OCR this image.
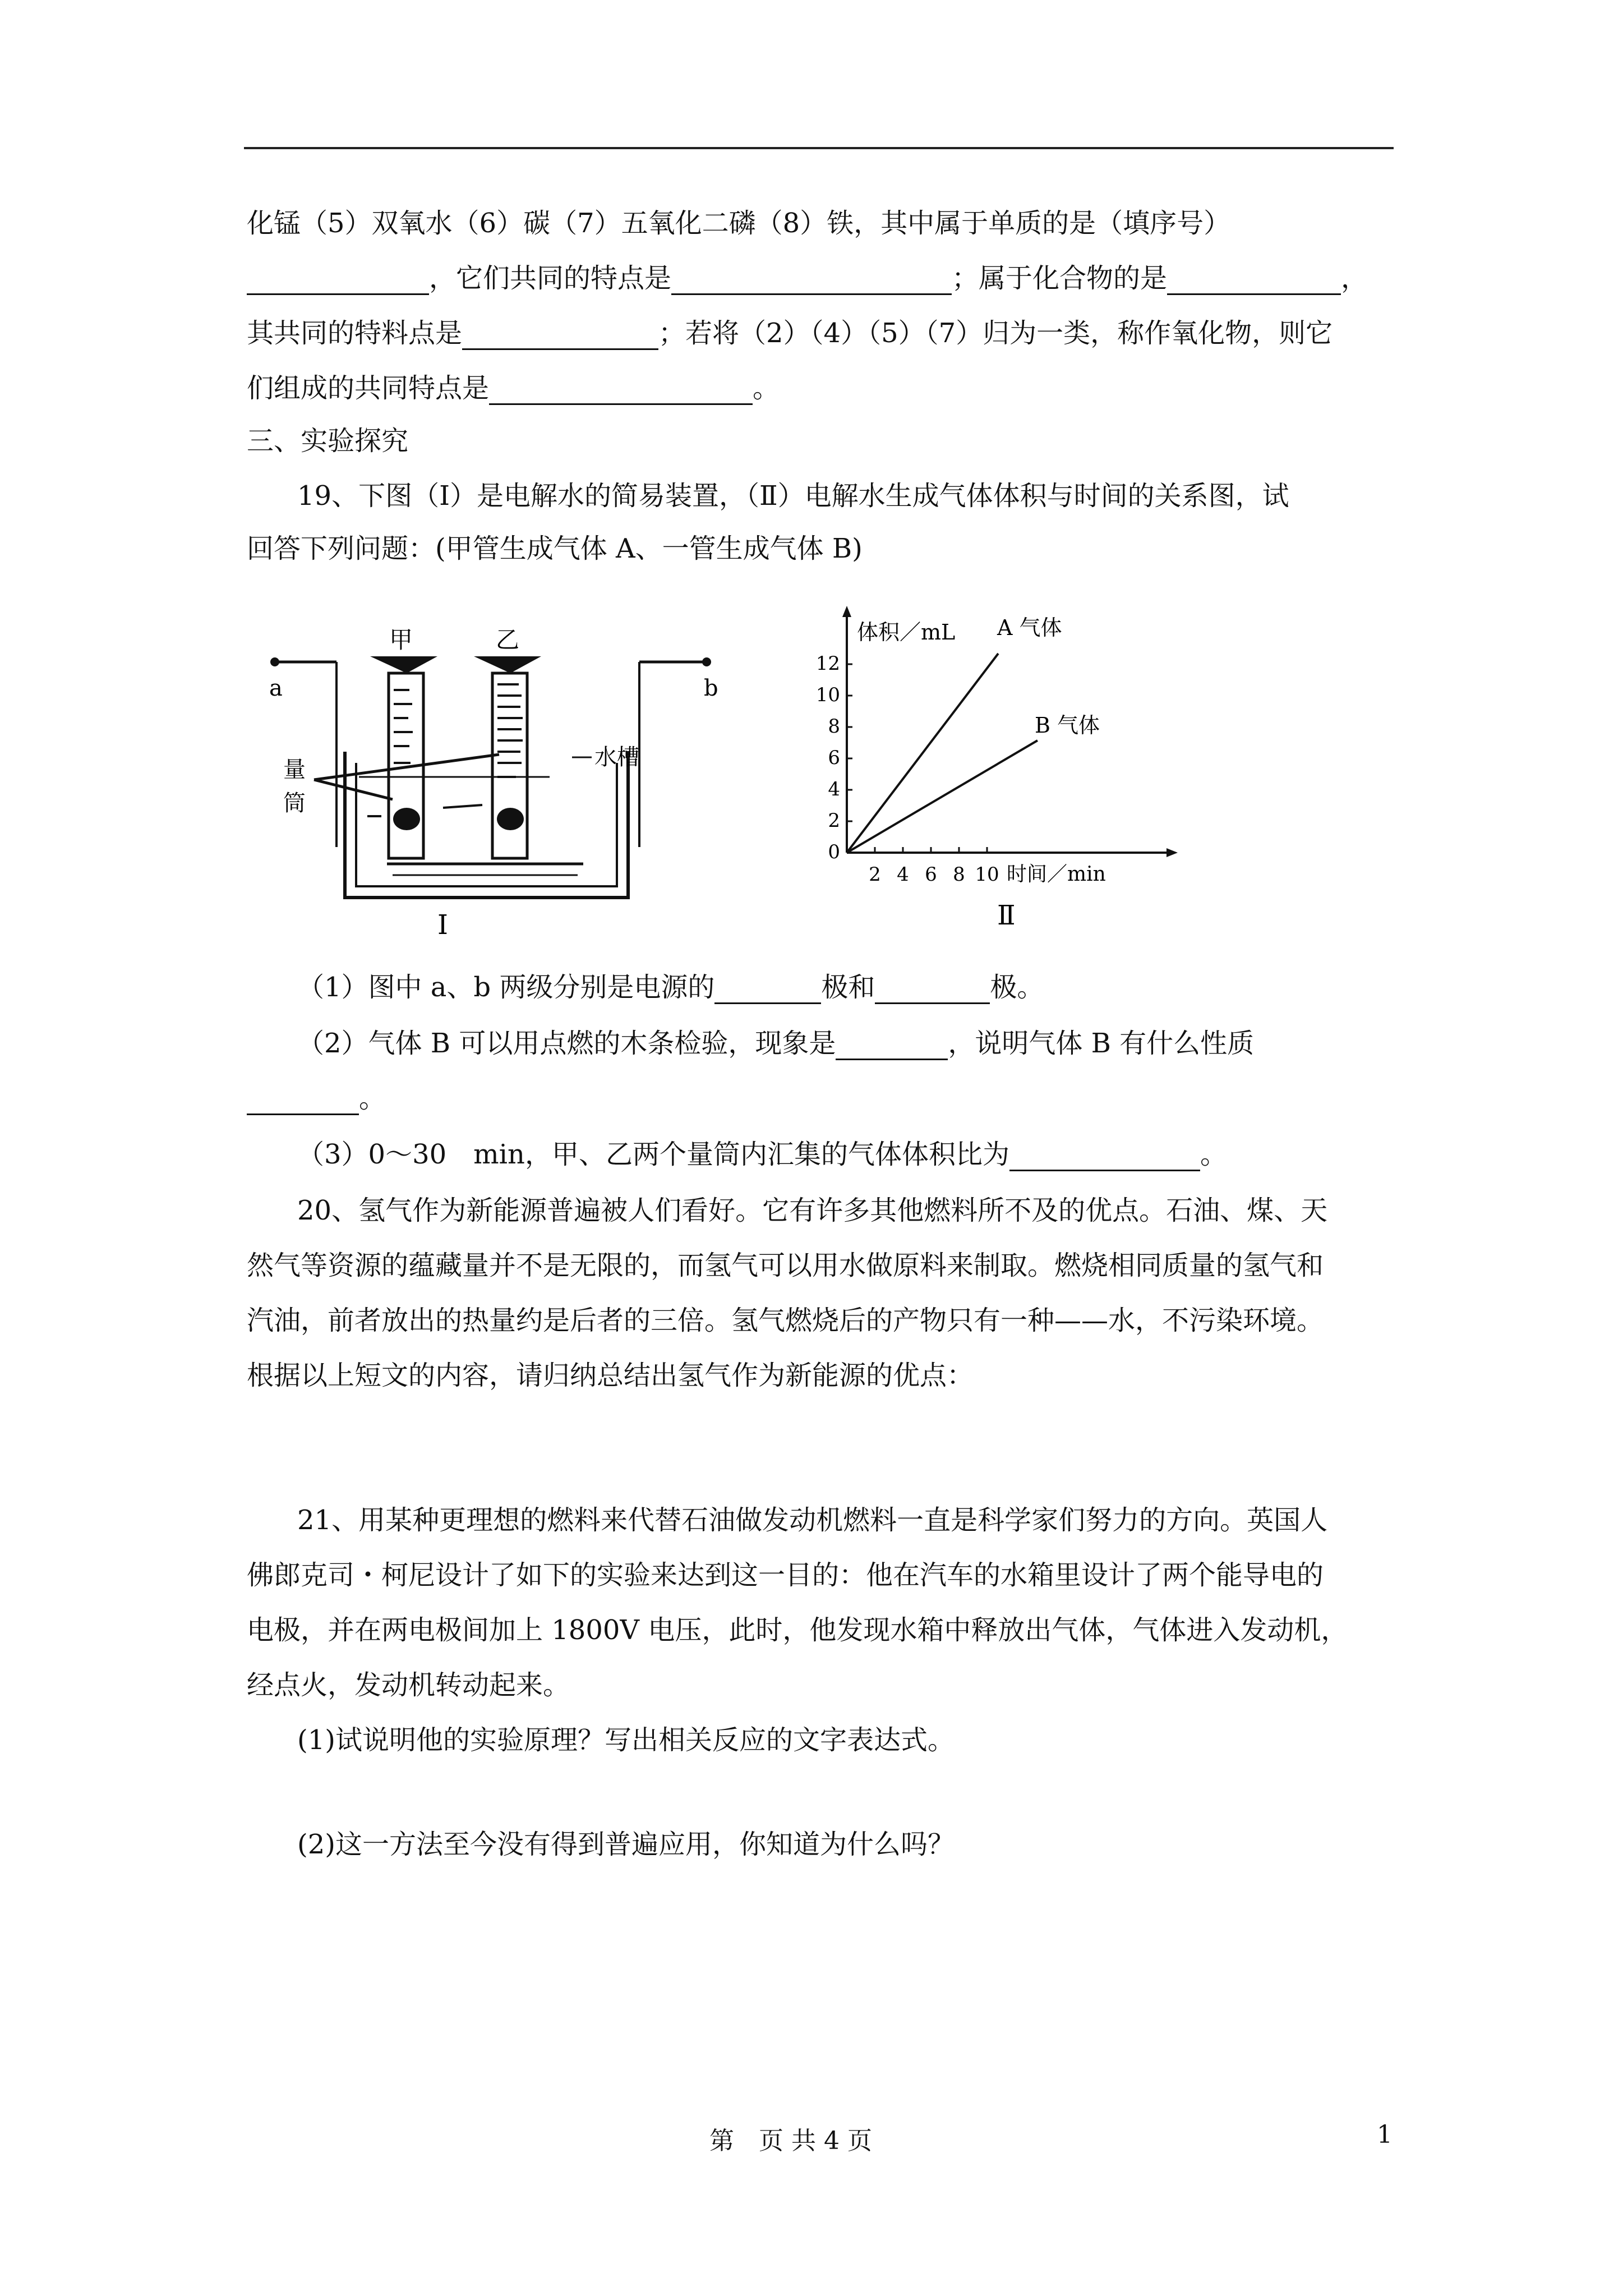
化锰（5）双氧水（6）碳（7）五氧化二磷（8）铁，其中属于单质的是（填序号）
，它们共同的特点是	；属于化合物的是	，
其共同的特料点是	；若将（2）（4）（5）（7）归为一类，称作氧化物，则它
们组成的共同特点是	。
三、实验探究
19、下图（Ⅰ）是电解水的简易装置，（Ⅱ）电解水生成气体体积与时间的关系图，试
回答下列问题：(甲管生成气体 A、一管生成气体 B)
a	b
甲	乙
水槽
量
筒
Ⅰ
12
10
8
6
4
2
0
2 4 6 8 10 时间／min
体积／mL A 气体
B 气体
Ⅱ
（1）图中 a、b 两级分别是电源的	极和	极。
（2）气体 B 可以用点燃的木条检验，现象是	，说明气体 B 有什么性质
。
（3）0～30　min，甲、乙两个量筒内汇集的气体体积比为	。
20、氢气作为新能源普遍被人们看好。它有许多其他燃料所不及的优点。石油、煤、天
然气等资源的蕴藏量并不是无限的，而氢气可以用水做原料来制取。燃烧相同质量的氢气和
汽油，前者放出的热量约是后者的三倍。氢气燃烧后的产物只有一种——水，不污染环境。
根据以上短文的内容，请归纳总结出氢气作为新能源的优点：
21、用某种更理想的燃料来代替石油做发动机燃料一直是科学家们努力的方向。英国人
佛郎克司・柯尼设计了如下的实验来达到这一目的：他在汽车的水箱里设计了两个能导电的
电极，并在两电极间加上 1800V 电压，此时，他发现水箱中释放出气体，气体进入发动机，
经点火，发动机转动起来。
(1)试说明他的实验原理？写出相关反应的文字表达式。
(2)这一方法至今没有得到普遍应用，你知道为什么吗？
第　页 共 4 页	1
